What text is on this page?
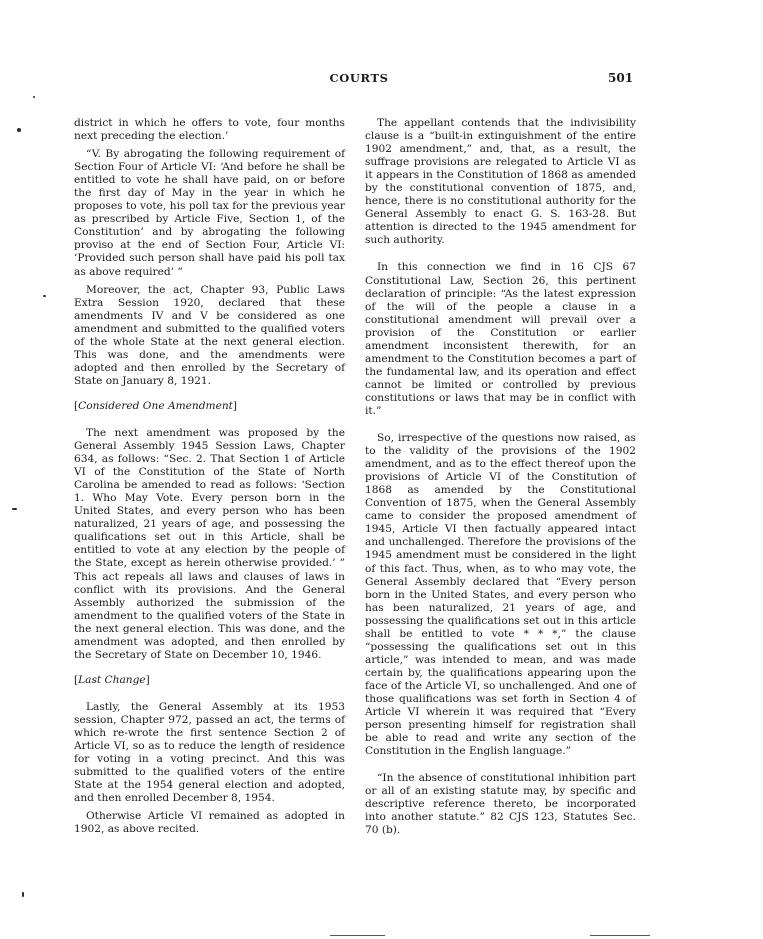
COURTS	501

district in which he offers to vote, four months next preceding the election.’

“V. By abrogating the following requirement of Section Four of Article VI: ‘And before he shall be entitled to vote he shall have paid, on or before the first day of May in the year in which he proposes to vote, his poll tax for the previous year as prescribed by Article Five, Section 1, of the Constitution’ and by abrogating the following proviso at the end of Section Four, Article VI: ‘Provided such person shall have paid his poll tax as above required’ ”

Moreover, the act, Chapter 93, Public Laws Extra Session 1920, declared that these amendments IV and V be considered as one amendment and submitted to the qualified voters of the whole State at the next general election. This was done, and the amendments were adopted and then enrolled by the Secretary of State on January 8, 1921.

[Considered One Amendment]

The next amendment was proposed by the General Assembly 1945 Session Laws, Chapter 634, as follows: “Sec. 2. That Section 1 of Article VI of the Constitution of the State of North Carolina be amended to read as follows: ‘Section 1. Who May Vote. Every person born in the United States, and every person who has been naturalized, 21 years of age, and possessing the qualifications set out in this Article, shall be entitled to vote at any election by the people of the State, except as herein otherwise provided.’ ” This act repeals all laws and clauses of laws in conflict with its provisions. And the General Assembly authorized the submission of the amendment to the qualified voters of the State in the next general election. This was done, and the amendment was adopted, and then enrolled by the Secretary of State on December 10, 1946.

[Last Change]

Lastly, the General Assembly at its 1953 session, Chapter 972, passed an act, the terms of which re-wrote the first sentence Section 2 of Article VI, so as to reduce the length of residence for voting in a voting precinct. And this was submitted to the qualified voters of the entire State at the 1954 general election and adopted, and then enrolled December 8, 1954.

Otherwise Article VI remained as adopted in 1902, as above recited.

The appellant contends that the indivisibility clause is a “built-in extinguishment of the entire 1902 amendment,” and, that, as a result, the suffrage provisions are relegated to Article VI as it appears in the Constitution of 1868 as amended by the constitutional convention of 1875, and, hence, there is no constitutional authority for the General Assembly to enact G. S. 163-28. But attention is directed to the 1945 amendment for such authority.

In this connection we find in 16 CJS 67 Constitutional Law, Section 26, this pertinent declaration of principle: “As the latest expression of the will of the people a clause in a constitutional amendment will prevail over a provision of the Constitution or earlier amendment inconsistent therewith, for an amendment to the Constitution becomes a part of the fundamental law, and its operation and effect cannot be limited or controlled by previous constitutions or laws that may be in conflict with it.”

So, irrespective of the questions now raised, as to the validity of the provisions of the 1902 amendment, and as to the effect thereof upon the provisions of Article VI of the Constitution of 1868 as amended by the Constitutional Convention of 1875, when the General Assembly came to consider the proposed amendment of 1945, Article VI then factually appeared intact and unchallenged. Therefore the provisions of the 1945 amendment must be considered in the light of this fact. Thus, when, as to who may vote, the General Assembly declared that “Every person born in the United States, and every person who has been naturalized, 21 years of age, and possessing the qualifications set out in this article shall be entitled to vote * * *,” the clause “possessing the qualifications set out in this article,” was intended to mean, and was made certain by, the qualifications appearing upon the face of the Article VI, so unchallenged. And one of those qualifications was set forth in Section 4 of Article VI wherein it was required that “Every person presenting himself for registration shall be able to read and write any section of the Constitution in the English language.”

“In the absence of constitutional inhibition part or all of an existing statute may, by specific and descriptive reference thereto, be incorporated into another statute.” 82 CJS 123, Statutes Sec. 70 (b).
